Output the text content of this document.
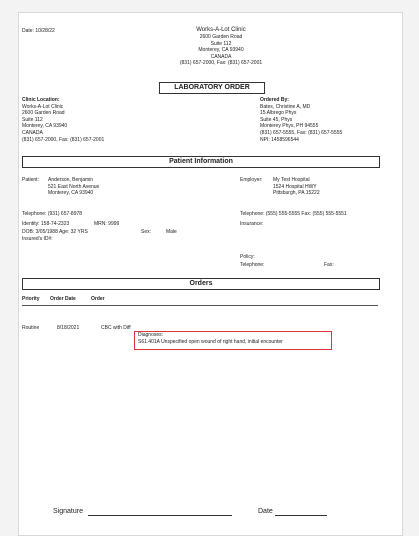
Date: 10/28/22	Works-A-Lot Clinic
2600 Garden Road
Suite 112
Monterey, CA 93940
CANADA
(831) 657-2000, Fax: (831) 657-2001
LABORATORY ORDER
Clinic Location:
Works-A-Lot Clinic
2600 Garden Road
Suite 112
Monterey, CA 93940
CANADA
(831) 657-2000, Fax: (831) 657-2001
Ordered By:
Bates, Christine A, MD
15 Albrego Phys
Suite 45, Phys
Monterey Phys, PH 94555
(831) 657-5555, Fax: (831) 657-5555
NPI: 1458596544
Patient Information
Patient: Anderson, Benjamin
521 East North Avenue
Monterey, CA 93940
Employer: My Test Hospital
1524 Hospital HWY
Pittsburgh, PA 15222
Telephone: (931) 657-8978	Telephone: (555) 555-5555 Fax: (555) 555-5551
Identity: 158-74-2323	MRN: 9999	Insurance:
DOB: 3/05/1988 Age: 32 YRS	Sex:	Male
Insured's ID#:
Policy:
Telephone:	Fax:
Orders
Priority Order Date	Order
Routine	8/18/2021	CBC with Diff
Diagnoses:
S61.401A Unspecified open wound of right hand, initial encounter
Signature	Date
